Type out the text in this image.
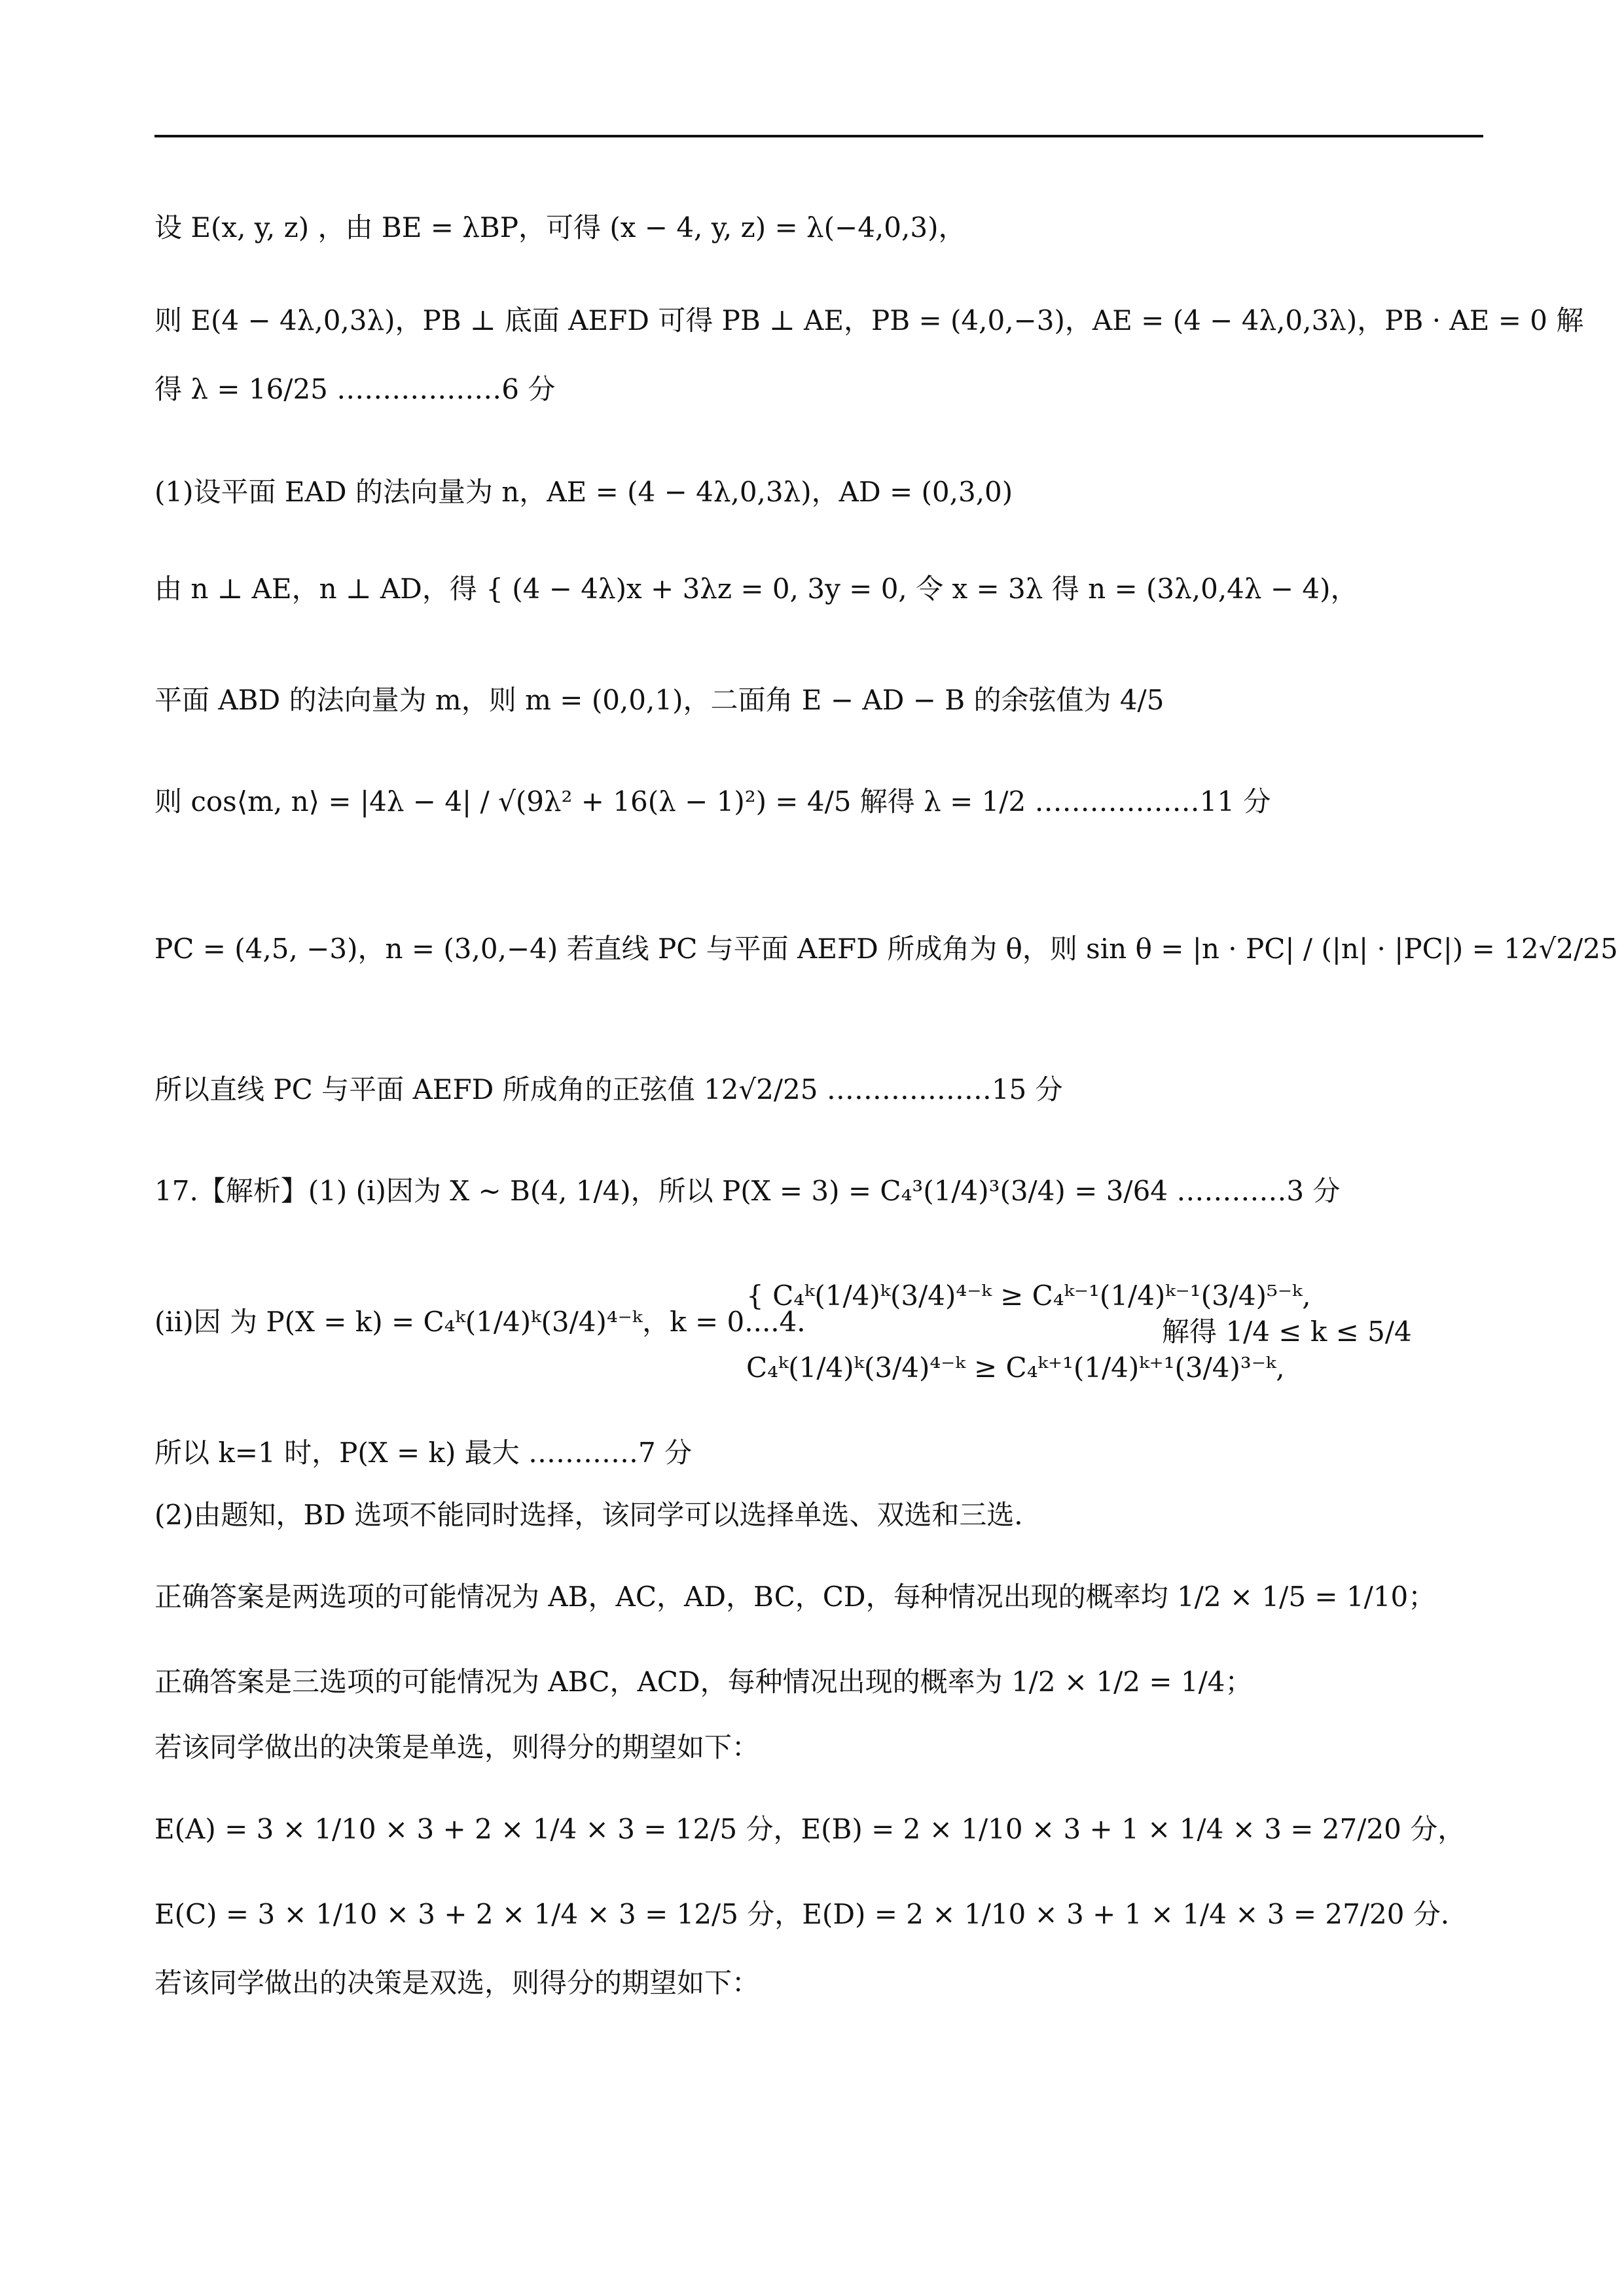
设 E(x, y, z) ，由 BE = λBP，可得 (x − 4, y, z) = λ(−4,0,3)，
则 E(4 − 4λ,0,3λ)，PB ⊥ 底面 AEFD 可得 PB ⊥ AE，PB = (4,0,−3)，AE = (4 − 4λ,0,3λ)，PB · AE = 0 解
得 λ = 16/25 ………………6 分
(1)设平面 EAD 的法向量为 n，AE = (4 − 4λ,0,3λ)，AD = (0,3,0)
由 n ⊥ AE，n ⊥ AD，得 { (4 − 4λ)x + 3λz = 0, 3y = 0, 令 x = 3λ 得 n = (3λ,0,4λ − 4)，
平面 ABD 的法向量为 m，则 m = (0,0,1)，二面角 E − AD − B 的余弦值为 4/5
则 cos⟨m, n⟩ = |4λ − 4| / √(9λ² + 16(λ − 1)²) = 4/5 解得 λ = 1/2 ………………11 分
PC = (4,5, −3)，n = (3,0,−4) 若直线 PC 与平面 AEFD 所成角为 θ，则 sin θ = |n · PC| / (|n| · |PC|) = 12√2/25
所以直线 PC 与平面 AEFD 所成角的正弦值 12√2/25 ………………15 分
17.【解析】(1) (i)因为 X ~ B(4, 1/4)，所以 P(X = 3) = C₄³(1/4)³(3/4) = 3/64 …………3 分
(ii)因 为 P(X = k) = C₄ᵏ(1/4)ᵏ(3/4)⁴⁻ᵏ，k = 0....4．
{ C₄ᵏ(1/4)ᵏ(3/4)⁴⁻ᵏ ≥ C₄ᵏ⁻¹(1/4)ᵏ⁻¹(3/4)⁵⁻ᵏ,
C₄ᵏ(1/4)ᵏ(3/4)⁴⁻ᵏ ≥ C₄ᵏ⁺¹(1/4)ᵏ⁺¹(3/4)³⁻ᵏ,
解得 1/4 ≤ k ≤ 5/4
所以 k=1 时，P(X = k) 最大 …………7 分
(2)由题知，BD 选项不能同时选择，该同学可以选择单选、双选和三选．
正确答案是两选项的可能情况为 AB，AC，AD，BC，CD，每种情况出现的概率均 1/2 × 1/5 = 1/10；
正确答案是三选项的可能情况为 ABC，ACD，每种情况出现的概率为 1/2 × 1/2 = 1/4；
若该同学做出的决策是单选，则得分的期望如下：
E(A) = 3 × 1/10 × 3 + 2 × 1/4 × 3 = 12/5 分，E(B) = 2 × 1/10 × 3 + 1 × 1/4 × 3 = 27/20 分，
E(C) = 3 × 1/10 × 3 + 2 × 1/4 × 3 = 12/5 分，E(D) = 2 × 1/10 × 3 + 1 × 1/4 × 3 = 27/20 分．
若该同学做出的决策是双选，则得分的期望如下：
